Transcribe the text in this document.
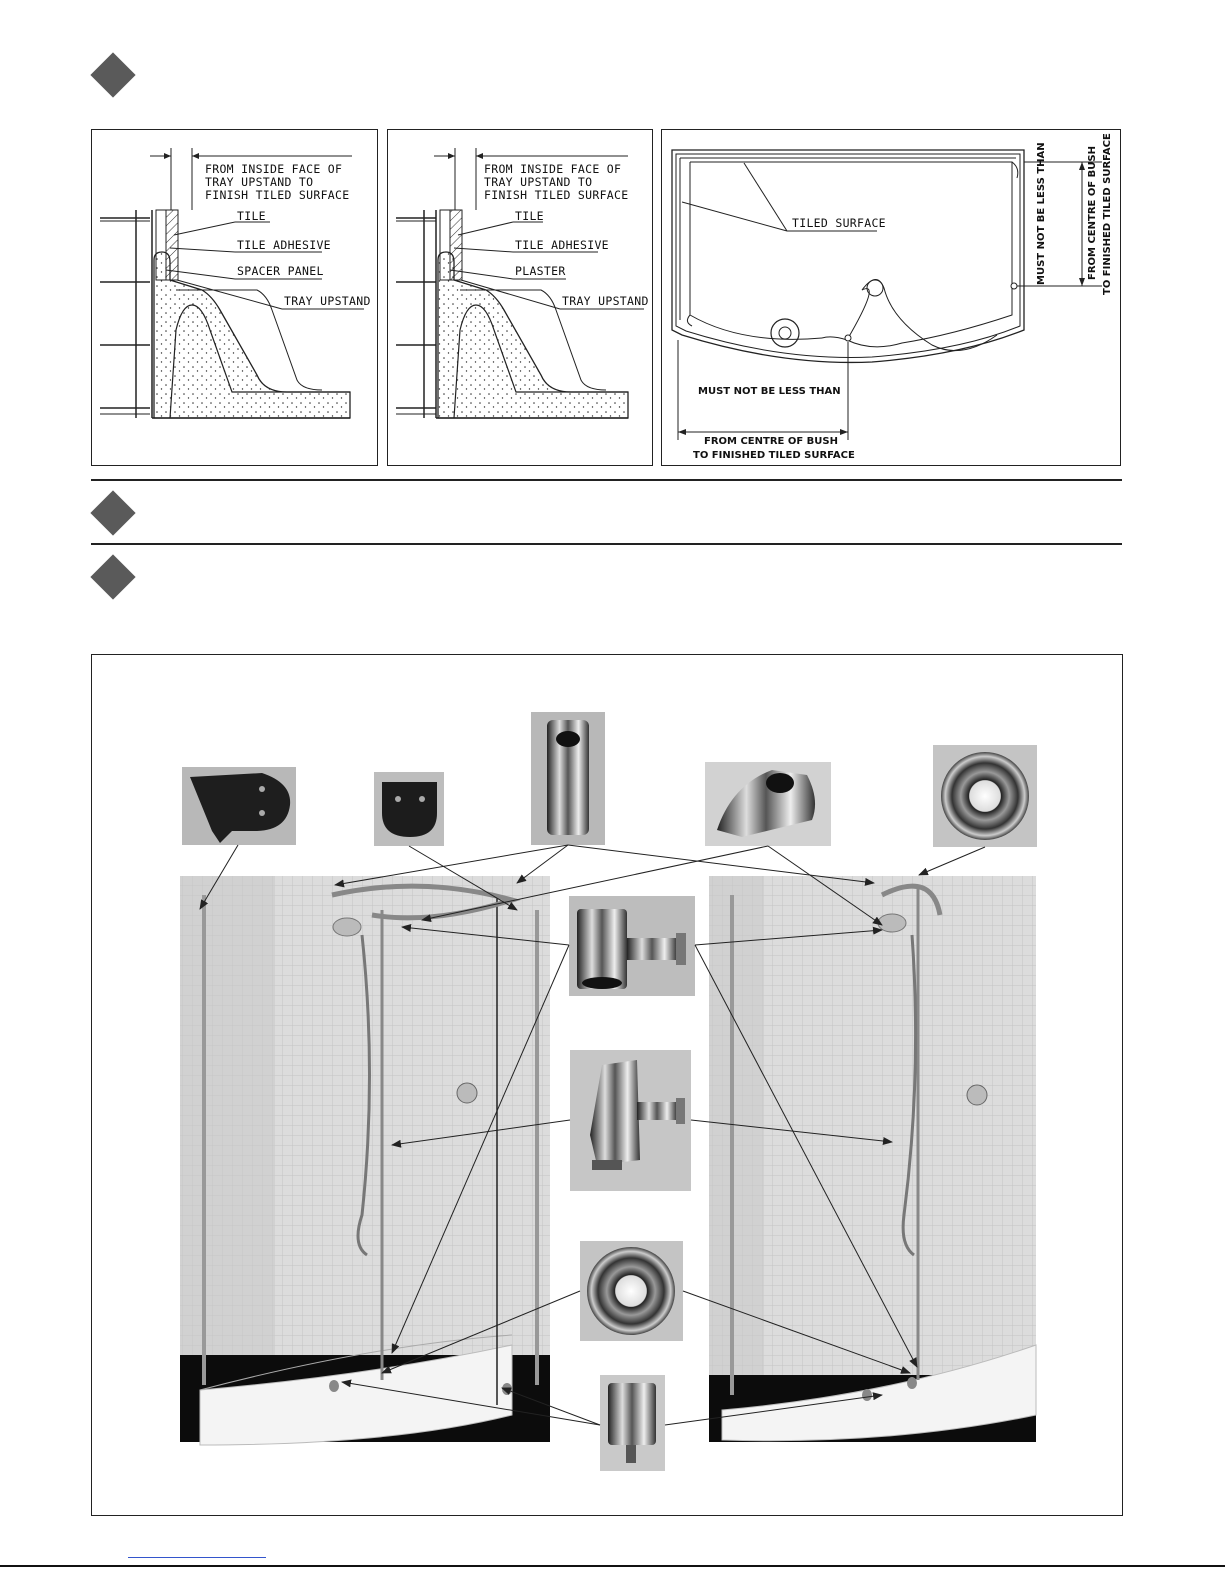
FROM INSIDE FACE OF
TRAY UPSTAND TO
FINISH TILED SURFACE
TILE
TILE ADHESIVE
SPACER PANEL
TRAY UPSTAND
FROM INSIDE FACE OF
TRAY UPSTAND TO
FINISH TILED SURFACE
TILE
TILE ADHESIVE
PLASTER
TRAY UPSTAND
TILED SURFACE	MUST NOT BE LESS THAN	FROM CENTRE OF BUSH TO FINISHED TILED SURFACE
MUST NOT BE LESS THAN
FROM CENTRE OF BUSH
TO FINISHED TILED SURFACE
